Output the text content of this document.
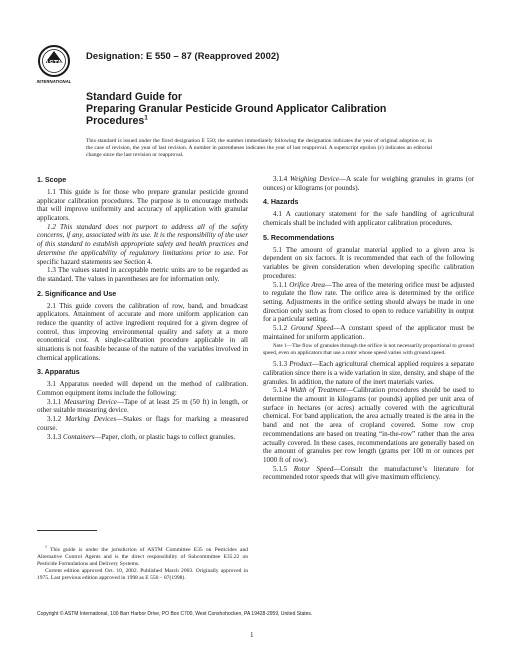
ASTM
INTERNATIONAL
Designation: E 550 – 87 (Reapproved 2002)
Standard Guide for
Preparing Granular Pesticide Ground Applicator Calibration
Procedures$^1$
This standard is issued under the fixed designation E 550; the number immediately following the designation indicates the year of original adoption or, in the case of revision, the year of last revision. A number in parentheses indicates the year of last reapproval. A superscript epsilon (ε) indicates an editorial change since the last revision or reapproval.
1. Scope

1.1 This guide is for those who prepare granular pesticide ground applicator calibration procedures. The purpose is to encourage methods that will improve uniformity and accuracy of application with granular applicators.

1.2 This standard does not purport to address all of the safety concerns, if any, associated with its use. It is the responsibility of the user of this standard to establish appropriate safety and health practices and determine the applicability of regulatory limitations prior to use. For specific hazard statements see Section 4.

1.3 The values stated in acceptable metric units are to be regarded as the standard. The values in parentheses are for information only.

2. Significance and Use

2.1 This guide covers the calibration of row, band, and broadcast applicators. Attainment of accurate and more uniform application can reduce the quantity of active ingredient required for a given degree of control, thus improving environmental quality and safety at a more economical cost. A single-calibration procedure applicable in all situations is not feasible because of the nature of the variables involved in chemical applications.

3. Apparatus

3.1 Apparatus needed will depend on the method of calibration. Common equipment items include the following:

3.1.1 Measuring Device—Tape of at least 25 m (50 ft) in length, or other suitable measuring device.

3.1.2 Marking Devices—Stakes or flags for marking a measured course.

3.1.3 Containers—Paper, cloth, or plastic bags to collect granules.

3.1.4 Weighing Device—A scale for weighing granules in grams (or ounces) or kilograms (or pounds).

4. Hazards

4.1 A cautionary statement for the safe handling of agricultural chemicals shall be included with applicator calibration procedures.

5. Recommendations

5.1 The amount of granular material applied to a given area is dependent on six factors. It is recommended that each of the following variables be given consideration when developing specific calibration procedures:

5.1.1 Orifice Area—The area of the metering orifice must be adjusted to regulate the flow rate. The orifice area is determined by the orifice setting. Adjustments in the orifice setting should always be made in one direction only such as from closed to open to reduce variability in output for a particular setting.

5.1.2 Ground Speed—A constant speed of the applicator must be maintained for uniform application.

Note 1—The flow of granules through the orifice is not necessarily proportional to ground speed, even on applicators that use a rotor whose speed varies with ground speed.

5.1.3 Product—Each agricultural chemical applied requires a separate calibration since there is a wide variation in size, density, and shape of the granules. In addition, the nature of the inert materials varies.

5.1.4 Width of Treatment—Calibration procedures should be used to determine the amount in kilograms (or pounds) applied per unit area of surface in hectares (or acres) actually covered with the agricultural chemical. For band application, the area actually treated is the area in the band and not the area of cropland covered. Some row crop recommendations are based on treating “in-the-row” rather than the area actually covered. In these cases, recommendations are generally based on the amount of granules per row length (grams per 100 m or ounces per 1000 ft of row).

5.1.5 Rotor Speed—Consult the manufacturer’s literature for recommended rotor speeds that will give maximum efficiency.

$^1$ This guide is under the jurisdiction of ASTM Committee E35 on Pesticides and Alternative Control Agents and is the direct responsibility of Subcommittee E35.22 on Pesticide Formulations and Delivery Systems.

Current edition approved Oct. 10, 2002. Published March 2003. Originally approved in 1975. Last previous edition approved in 1998 as E 550 – 87(1998).

Copyright © ASTM International, 100 Barr Harbor Drive, PO Box C700, West Conshohocken, PA 19428-2959, United States.
1
